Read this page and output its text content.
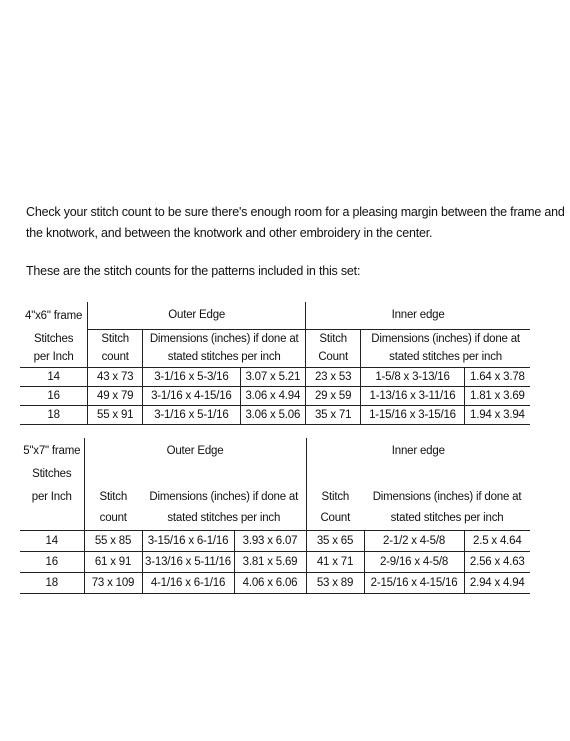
Check your stitch count to be sure there's enough room for a pleasing margin between the frame and
the knotwork, and between the knotwork and other embroidery in the center.
These are the stitch counts for the patterns included in this set:
4"x6" frame	Outer Edge			Inner edge		
Stitches	Stitch	Dimensions (inches) if done at		Stitch	Dimensions (inches) if done at	
per Inch	count	stated stitches per inch		Count	stated stitches per inch	
14	43 x 73	3-1/16 x 5-3/16	3.07 x 5.21	23 x 53	1-5/8 x 3-13/16	1.64 x 3.78
16	49 x 79	3-1/16 x 4-15/16	3.06 x 4.94	29 x 59	1-13/16 x 3-11/16	1.81 x 3.69
18	55 x 91	3-1/16 x 5-1/16	3.06 x 5.06	35 x 71	1-15/16 x 3-15/16	1.94 x 3.94
5"x7" frame	Outer Edge			Inner edge		
Stitches						

per Inch	Stitch	Dimensions (inches) if done at		Stitch	Dimensions (inches) if done at	
	count	stated stitches per inch		Count	stated stitches per inch	
14	55 x 85	3-15/16 x 6-1/16	3.93 x 6.07	35 x 65	2-1/2 x 4-5/8	2.5 x 4.64
16	61 x 91	3-13/16 x 5-11/16	3.81 x 5.69	41 x 71	2-9/16 x 4-5/8	2.56 x 4.63
18	73 x 109	4-1/16 x 6-1/16	4.06 x 6.06	53 x 89	2-15/16 x 4-15/16	2.94 x 4.94
